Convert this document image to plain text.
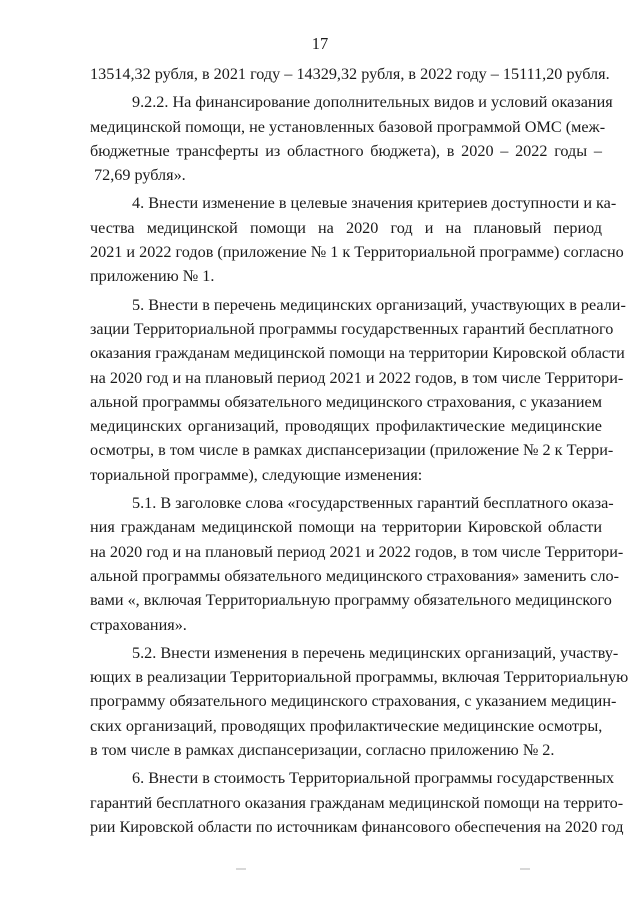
17
13514,32 рубля, в 2021 году – 14329,32 рубля, в 2022 году – 15111,20 рубля.
9.2.2. На финансирование дополнительных видов и условий оказания
медицинской помощи, не установленных базовой программой ОМС (меж-
бюджетные трансферты из областного бюджета), в 2020 – 2022 годы –
72,69 рубля».
4. Внести изменение в целевые значения критериев доступности и ка-
чества медицинской помощи на 2020 год и на плановый период
2021 и 2022 годов (приложение № 1 к Территориальной программе) согласно
приложению № 1.
5. Внести в перечень медицинских организаций, участвующих в реали-
зации Территориальной программы государственных гарантий бесплатного
оказания гражданам медицинской помощи на территории Кировской области
на 2020 год и на плановый период 2021 и 2022 годов, в том числе Территори-
альной программы обязательного медицинского страхования, с указанием
медицинских организаций, проводящих профилактические медицинские
осмотры, в том числе в рамках диспансеризации (приложение № 2 к Терри-
ториальной программе), следующие изменения:
5.1. В заголовке слова «государственных гарантий бесплатного оказа-
ния гражданам медицинской помощи на территории Кировской области
на 2020 год и на плановый период 2021 и 2022 годов, в том числе Территори-
альной программы обязательного медицинского страхования» заменить сло-
вами «, включая Территориальную программу обязательного медицинского
страхования».
5.2. Внести изменения в перечень медицинских организаций, участву-
ющих в реализации Территориальной программы, включая Территориальную
программу обязательного медицинского страхования, с указанием медицин-
ских организаций, проводящих профилактические медицинские осмотры,
в том числе в рамках диспансеризации, согласно приложению № 2.
6. Внести в стоимость Территориальной программы государственных
гарантий бесплатного оказания гражданам медицинской помощи на террито-
рии Кировской области по источникам финансового обеспечения на 2020 год
